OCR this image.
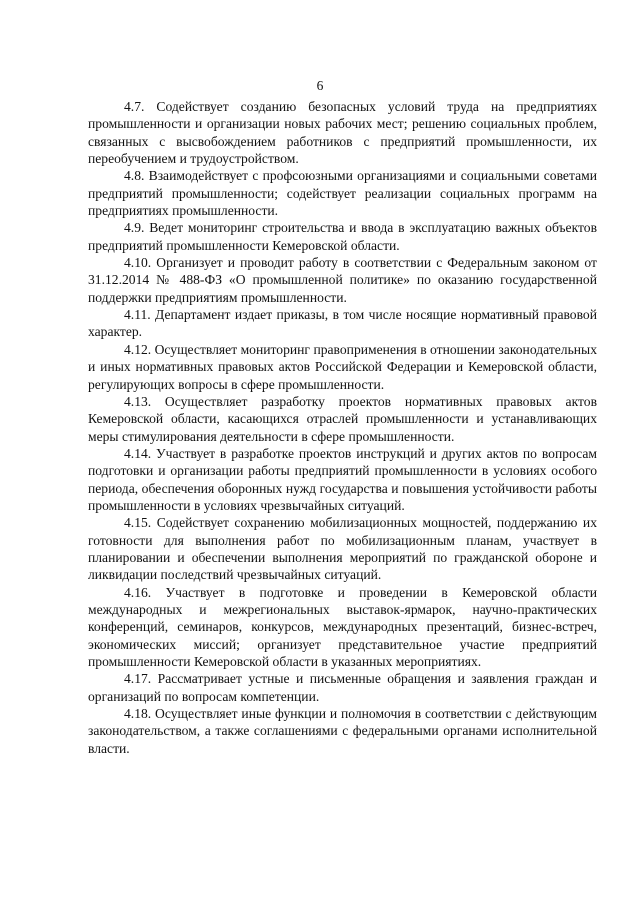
6

4.7. Содействует созданию безопасных условий труда на предприятиях промышленности и организации новых рабочих мест; решению социальных проблем, связанных с высвобождением работников с предприятий промышленности, их переобучением и трудоустройством.

4.8. Взаимодействует с профсоюзными организациями и социальными советами предприятий промышленности; содействует реализации социальных программ на предприятиях промышленности.

4.9. Ведет мониторинг строительства и ввода в эксплуатацию важных объектов предприятий промышленности Кемеровской области.

4.10. Организует и проводит работу в соответствии с Федеральным законом от 31.12.2014 № 488-ФЗ «О промышленной политике» по оказанию государственной поддержки предприятиям промышленности.

4.11. Департамент издает приказы, в том числе носящие нормативный правовой характер.

4.12. Осуществляет мониторинг правоприменения в отношении законодательных и иных нормативных правовых актов Российской Федерации и Кемеровской области, регулирующих вопросы в сфере промышленности.

4.13. Осуществляет разработку проектов нормативных правовых актов Кемеровской области, касающихся отраслей промышленности и устанавливающих меры стимулирования деятельности в сфере промышленности.

4.14. Участвует в разработке проектов инструкций и других актов по вопросам подготовки и организации работы предприятий промышленности в условиях особого периода, обеспечения оборонных нужд государства и повышения устойчивости работы промышленности в условиях чрезвычайных ситуаций.

4.15. Содействует сохранению мобилизационных мощностей, поддержанию их готовности для выполнения работ по мобилизационным планам, участвует в планировании и обеспечении выполнения мероприятий по гражданской обороне и ликвидации последствий чрезвычайных ситуаций.

4.16. Участвует в подготовке и проведении в Кемеровской области международных и межрегиональных выставок-ярмарок, научно-практических конференций, семинаров, конкурсов, международных презентаций, бизнес-встреч, экономических миссий; организует представительное участие предприятий промышленности Кемеровской области в указанных мероприятиях.

4.17. Рассматривает устные и письменные обращения и заявления граждан и организаций по вопросам компетенции.

4.18. Осуществляет иные функции и полномочия в соответствии с действующим законодательством, а также соглашениями с федеральными органами исполнительной власти.
